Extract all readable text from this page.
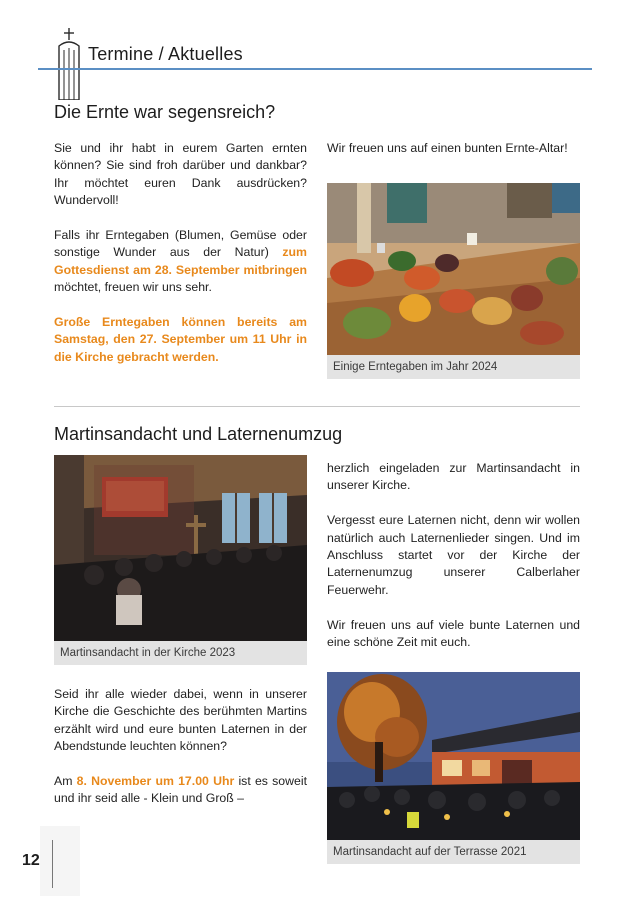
Termine / Aktuelles
Die Ernte war segensreich?

Sie und ihr habt in eurem Garten ernten können? Sie sind froh darüber und dankbar? Ihr möchtet euren Dank ausdrücken? Wundervoll!

Falls ihr Erntegaben (Blumen, Gemüse oder sonstige Wunder aus der Natur) zum Gottesdienst am 28. September mitbringen möchtet, freuen wir uns sehr.

Große Erntegaben können bereits am Samstag, den 27. September um 11 Uhr in die Kirche gebracht werden.

Wir freuen uns auf einen bunten Ernte-Altar!
Einige Erntegaben im Jahr 2024
Martinsandacht und Laternenumzug
Martinsandacht in der Kirche 2023

herzlich eingeladen zur Martinsandacht in unserer Kirche.

Vergesst eure Laternen nicht, denn wir wollen natürlich auch Laternenlieder singen. Und im Anschluss startet vor der Kirche der Laternenumzug unserer Calberlaher Feuerwehr.

Wir freuen uns auf viele bunte Laternen und eine schöne Zeit mit euch.

Martinsandacht auf der Terrasse 2021

Seid ihr alle wieder dabei, wenn in unserer Kirche die Geschichte des berühmten Martins erzählt wird und eure bunten Laternen in der Abendstunde leuchten können?

Am 8. November um 17.00 Uhr ist es soweit und ihr seid alle - Klein und Groß –

12
